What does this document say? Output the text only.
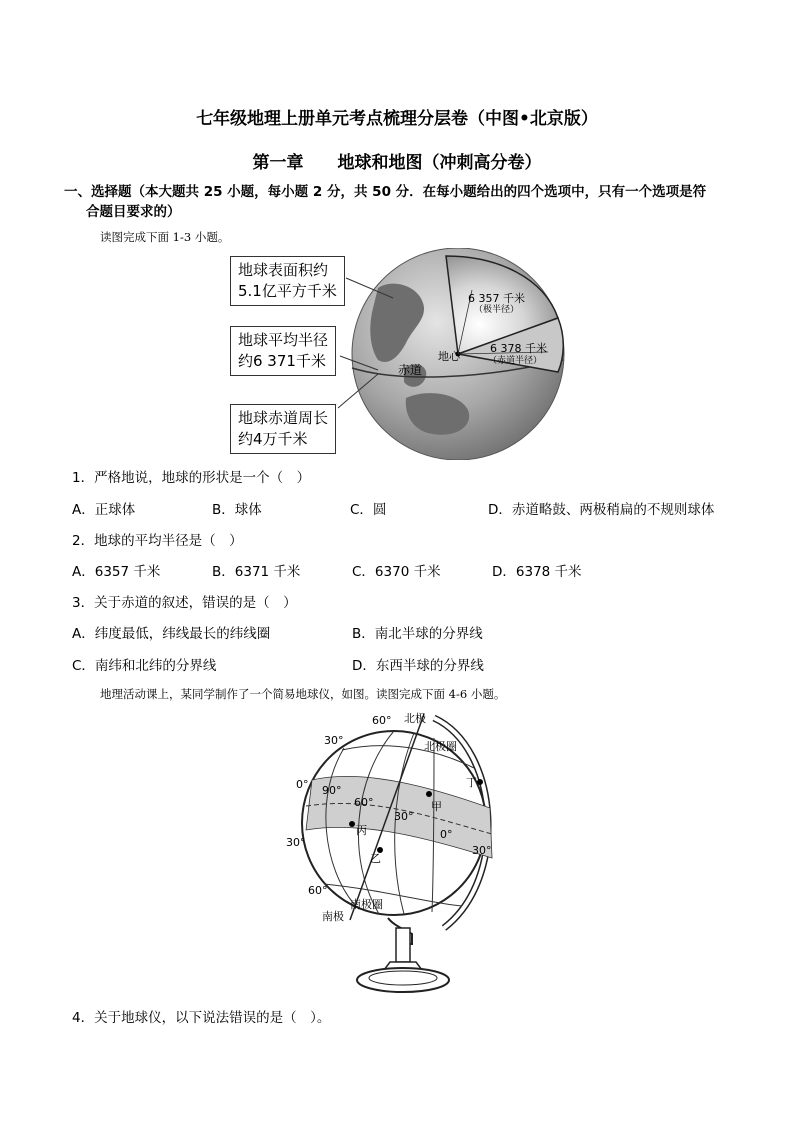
七年级地理上册单元考点梳理分层卷（中图•北京版）
第一章　　地球和地图（冲刺高分卷）
一、选择题（本大题共 25 小题，每小题 2 分，共 50 分．在每小题给出的四个选项中，只有一个选项是符
合题目要求的）
读图完成下面 1-3 小题。
赤道
6 357 千米
（极半径）
6 378 千米
（赤道半径）
地心
地球表面积约
5.1亿平方千米
地球平均半径
约6 371千米
地球赤道周长
约4万千米
1．严格地说，地球的形状是一个（　）
A．正球体	B．球体	C．圆	D．赤道略鼓、两极稍扁的不规则球体
2．地球的平均半径是（　）
A．6357 千米	B．6371 千米	C．6370 千米	D．6378 千米
3．关于赤道的叙述，错误的是（　）
A．纬度最低，纬线最长的纬线圈	B．南北半球的分界线
C．南纬和北纬的分界线	D．东西半球的分界线
地理活动课上，某同学制作了一个简易地球仪，如图。读图完成下面 4-6 小题。
北极
60°
30°
0°
30°
60°
南极
北极圈
南极圈
90°
60°
30°
0°
30°
甲
乙
丙
丁
4．关于地球仪，以下说法错误的是（　）。
